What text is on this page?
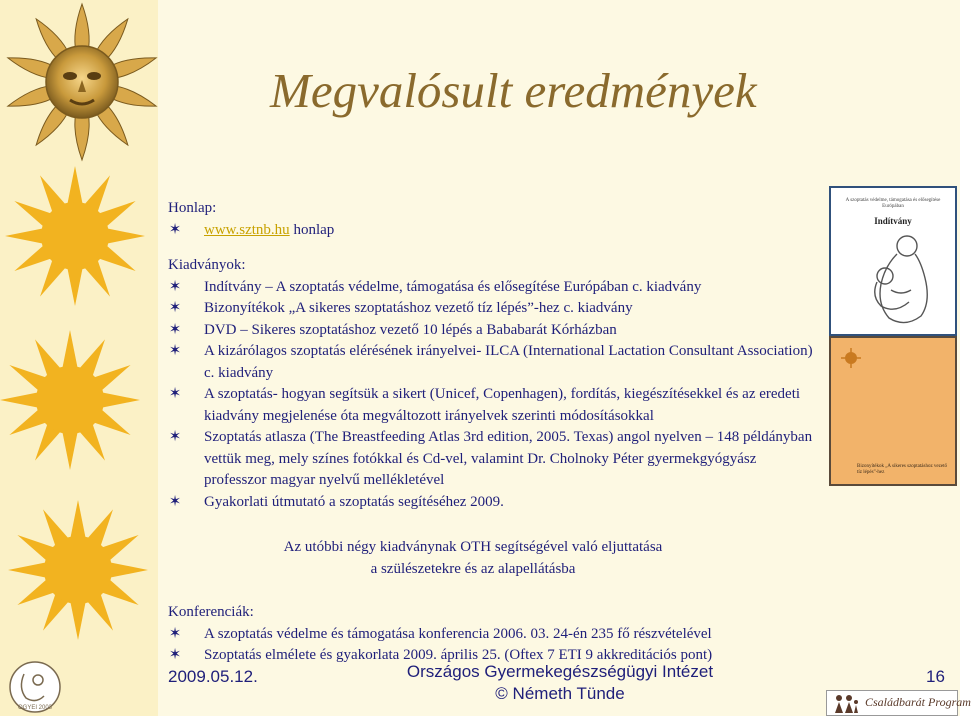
Megvalósult eredmények
Honlap:
✶ www.sztnb.hu honlap
Kiadványok:
✶ Indítvány – A szoptatás védelme, támogatása és elősegítése Európában c. kiadvány
✶ Bizonyítékok „A sikeres szoptatáshoz vezető tíz lépés”-hez c. kiadvány
✶ DVD – Sikeres szoptatáshoz vezető 10 lépés a Bababarát Kórházban
✶ A kizárólagos szoptatás elérésének irányelvei- ILCA (International Lactation Consultant Association) c. kiadvány
✶ A szoptatás- hogyan segítsük a sikert (Unicef, Copenhagen), fordítás, kiegészítésekkel és az eredeti kiadvány megjelenése óta megváltozott irányelvek szerinti módosításokkal
✶ Szoptatás atlasza (The Breastfeeding Atlas 3rd edition, 2005. Texas) angol nyelven – 148 példányban vettük meg, mely színes fotókkal és Cd-vel, valamint Dr. Cholnoky Péter gyermekgyógyász professzor magyar nyelvű mellékletével
✶ Gyakorlati útmutató a szoptatás segítéséhez 2009.
Az utóbbi négy kiadványnak OTH segítségével való eljuttatása
a szülészetekre és az alapellátásba
Konferenciák:
✶ A szoptatás védelme és támogatása konferencia 2006. 03. 24-én 235 fő részvételével
✶ Szoptatás elmélete és gyakorlata 2009. április 25. (Oftex 7 ETI 9 akkreditációs pont)
A szoptatás védelme, támogatása és elősegítése Európában
Indítvány
Bizonyítékok „A sikeres szoptatáshoz vezető tíz lépés”-hez
OGYEI 2003
2009.05.12.	Országos Gyermekegészségügyi Intézet
© Németh Tünde
16
Családbarát Program
